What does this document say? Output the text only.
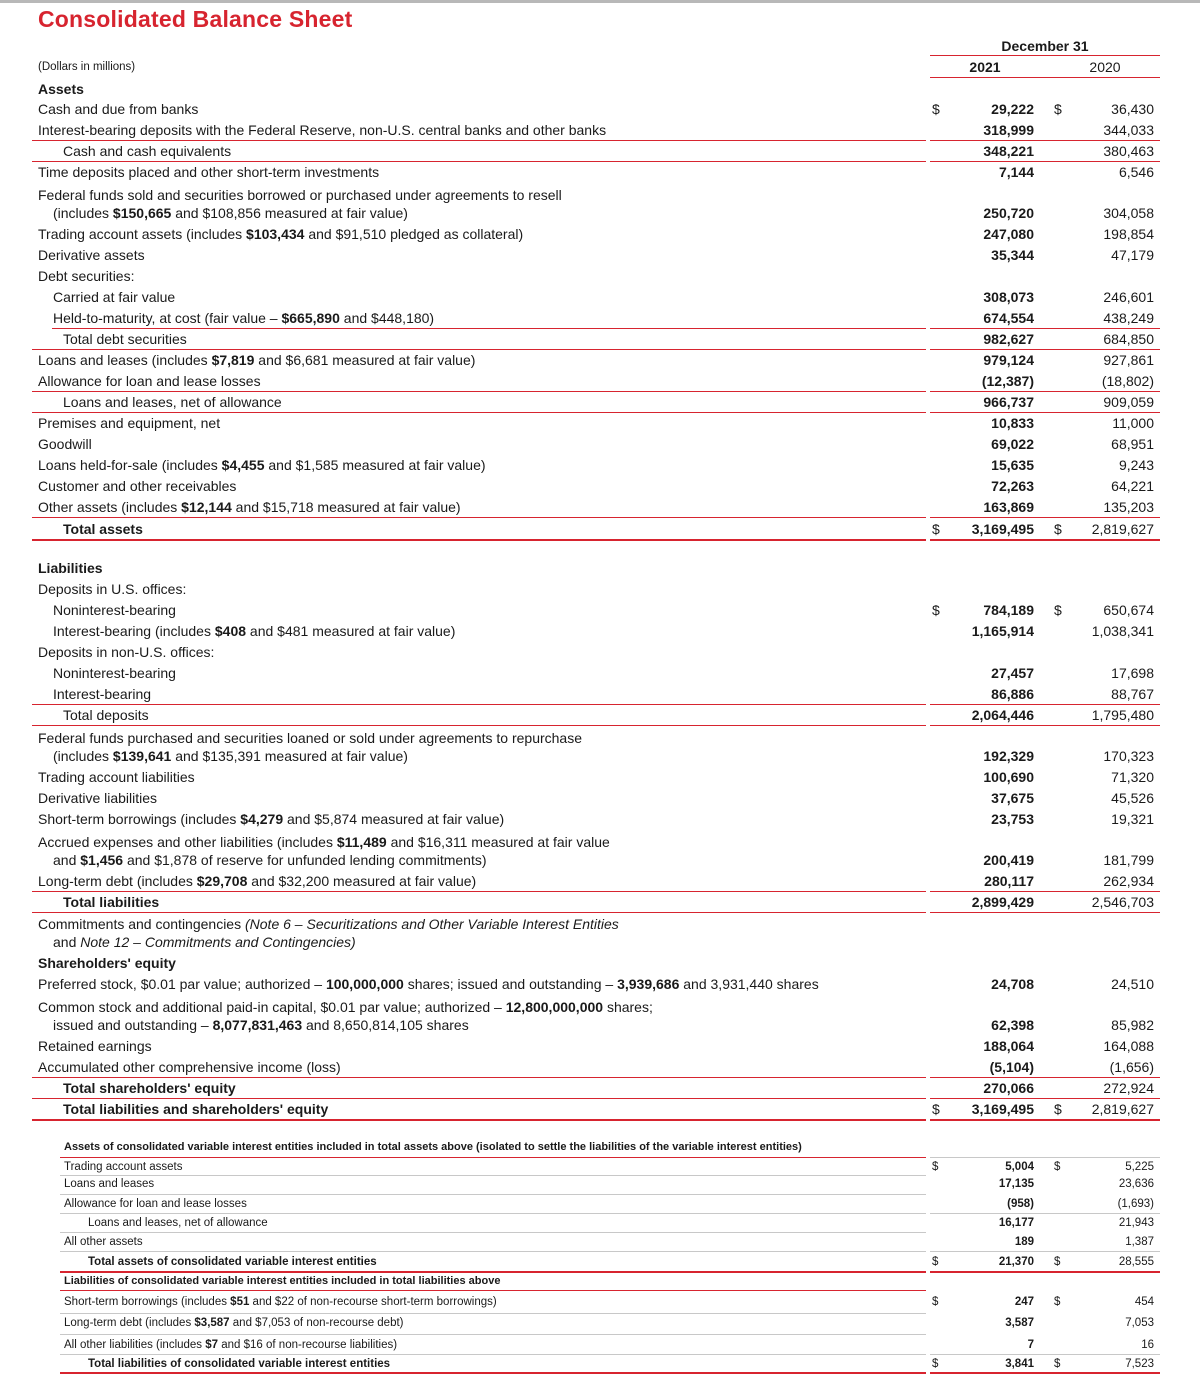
Consolidated Balance Sheet
December 31
2021	2020
(Dollars in millions)
Assets
Cash and due from banks	$	29,222 $	36,430
Interest-bearing deposits with the Federal Reserve, non-U.S. central banks and other banks	318,999	344,033
Cash and cash equivalents	348,221	380,463
Time deposits placed and other short-term investments	7,144	6,546
Federal funds sold and securities borrowed or purchased under agreements to resell
(includes $150,665 and $108,856 measured at fair value)	250,720	304,058
Trading account assets (includes $103,434 and $91,510 pledged as collateral)	247,080	198,854
Derivative assets	35,344	47,179
Debt securities:
Carried at fair value	308,073	246,601
Held-to-maturity, at cost (fair value – $665,890 and $448,180)	674,554	438,249
Total debt securities	982,627	684,850
Loans and leases (includes $7,819 and $6,681 measured at fair value)	979,124	927,861
Allowance for loan and lease losses	(12,387)	(18,802)
Loans and leases, net of allowance	966,737	909,059
Premises and equipment, net	10,833	11,000
Goodwill	69,022	68,951
Loans held-for-sale (includes $4,455 and $1,585 measured at fair value)	15,635	9,243
Customer and other receivables	72,263	64,221
Other assets (includes $12,144 and $15,718 measured at fair value)	163,869	135,203
Total assets	$ 3,169,495 $ 2,819,627
Liabilities
Deposits in U.S. offices:
Noninterest-bearing	$	784,189 $	650,674
Interest-bearing (includes $408 and $481 measured at fair value)	1,165,914	1,038,341
Deposits in non-U.S. offices:
Noninterest-bearing	27,457	17,698
Interest-bearing	86,886	88,767
Total deposits	2,064,446	1,795,480
Federal funds purchased and securities loaned or sold under agreements to repurchase
(includes $139,641 and $135,391 measured at fair value)	192,329	170,323
Trading account liabilities	100,690	71,320
Derivative liabilities	37,675	45,526
Short-term borrowings (includes $4,279 and $5,874 measured at fair value)	23,753	19,321
Accrued expenses and other liabilities (includes $11,489 and $16,311 measured at fair value
and $1,456 and $1,878 of reserve for unfunded lending commitments)	200,419	181,799
Long-term debt (includes $29,708 and $32,200 measured at fair value)	280,117	262,934
Total liabilities	2,899,429	2,546,703
Commitments and contingencies (Note 6 – Securitizations and Other Variable Interest Entities
and Note 12 – Commitments and Contingencies)
Shareholders' equity
Preferred stock, $0.01 par value; authorized – 100,000,000 shares; issued and outstanding – 3,939,686 and 3,931,440 shares	24,708	24,510
Common stock and additional paid-in capital, $0.01 par value; authorized – 12,800,000,000 shares;
issued and outstanding – 8,077,831,463 and 8,650,814,105 shares	62,398	85,982
Retained earnings	188,064	164,088
Accumulated other comprehensive income (loss)	(5,104)	(1,656)
Total shareholders' equity	270,066	272,924
Total liabilities and shareholders' equity	$ 3,169,495 $ 2,819,627
Assets of consolidated variable interest entities included in total assets above (isolated to settle the liabilities of the variable interest entities)
Trading account assets	$	5,004 $	5,225
Loans and leases	17,135	23,636
Allowance for loan and lease losses	(958)	(1,693)
Loans and leases, net of allowance	16,177	21,943
All other assets	189	1,387
Total assets of consolidated variable interest entities	$	21,370 $	28,555
Liabilities of consolidated variable interest entities included in total liabilities above
Short-term borrowings (includes $51 and $22 of non-recourse short-term borrowings)	$	247 $	454
Long-term debt (includes $3,587 and $7,053 of non-recourse debt)	3,587	7,053
All other liabilities (includes $7 and $16 of non-recourse liabilities)	7	16
Total liabilities of consolidated variable interest entities	$	3,841 $	7,523
